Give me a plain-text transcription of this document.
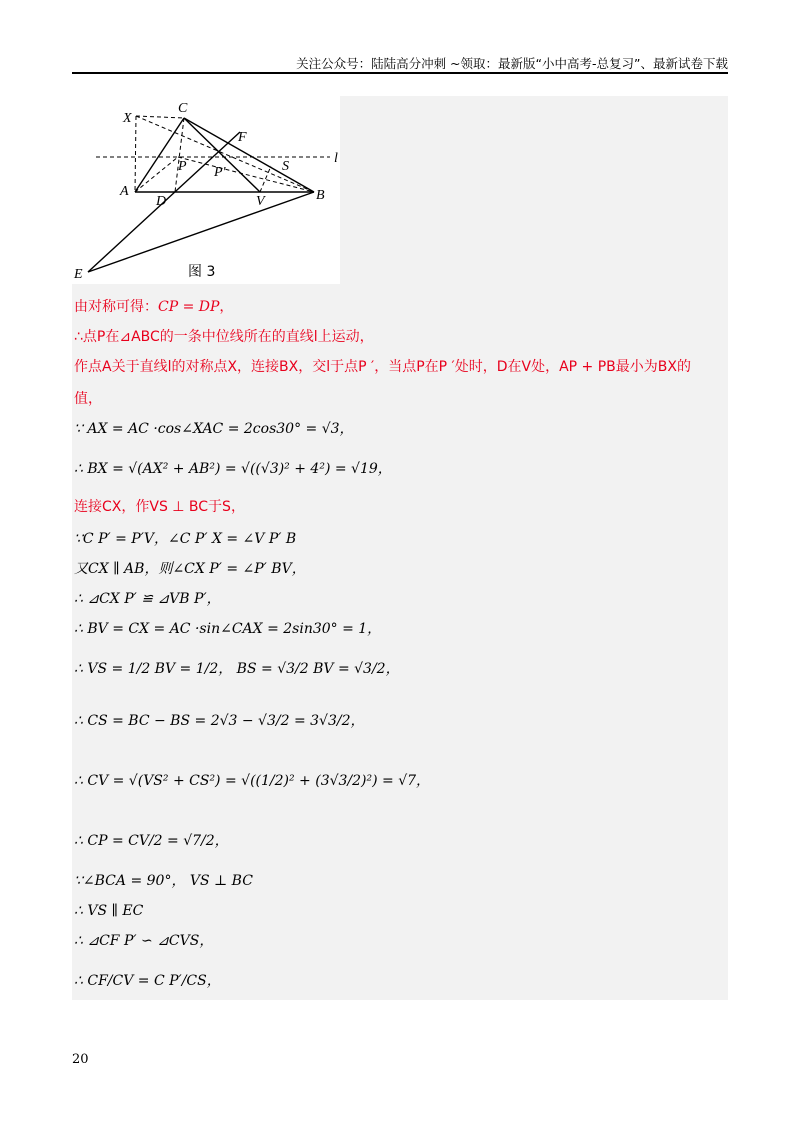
关注公众号：陆陆高分冲刺 ~领取：最新版“小中高考-总复习”、最新试卷下载
X
C
F
l
P P'	S
A
D	V	B
E	图 3
由对称可得：CP = DP，
∴点P在⊿ABC的一条中位线所在的直线l上运动，
作点A关于直线l的对称点X，连接BX，交l于点P ′，当点P在P ′处时，D在V处，AP + PB最小为BX的
值，
∵ AX = AC ·cos∠XAC = 2cos30° = √3，
∴ BX = √(AX² + AB²) = √((√3)² + 4²) = √19，
连接CX，作VS ⊥ BC于S，
∵C P′ = P′V，∠C P′ X = ∠V P′ B
又CX ∥ AB，则∠CX P′ = ∠P′ BV，
∴ ⊿CX P′ ≌ ⊿VB P′，
∴ BV = CX = AC ·sin∠CAX = 2sin30° = 1，
∴ VS = 1/2 BV = 1/2， BS = √3/2 BV = √3/2，
∴ CS = BC − BS = 2√3 − √3/2 = 3√3/2，
∴ CV = √(VS² + CS²) = √((1/2)² + (3√3/2)²) = √7，
∴ CP = CV/2 = √7/2，
∵∠BCA = 90°， VS ⊥ BC
∴ VS ∥ EC
∴ ⊿CF P′ ∽ ⊿CVS，
∴ CF/CV = C P′/CS，
20
